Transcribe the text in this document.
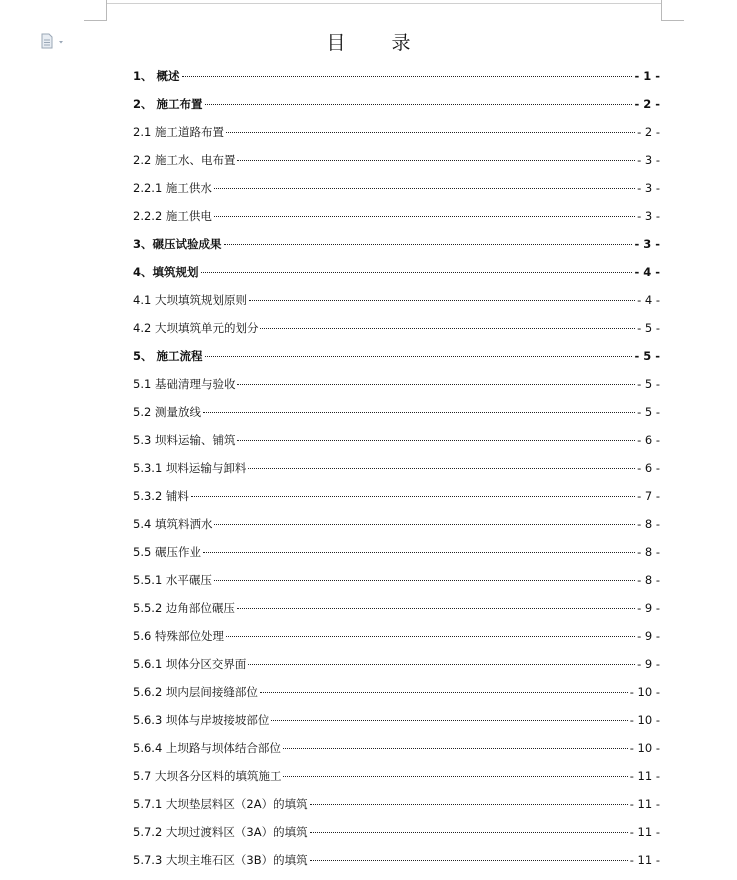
目 录
1、 概述	- 1 -
2、 施工布置	- 2 -
2.1 施工道路布置	- 2 -
2.2 施工水、电布置	- 3 -
2.2.1 施工供水	- 3 -
2.2.2 施工供电	- 3 -
3、碾压试验成果	- 3 -
4、填筑规划	- 4 -
4.1 大坝填筑规划原则	- 4 -
4.2 大坝填筑单元的划分	- 5 -
5、 施工流程	- 5 -
5.1 基础清理与验收	- 5 -
5.2 测量放线	- 5 -
5.3 坝料运输、铺筑	- 6 -
5.3.1 坝料运输与卸料	- 6 -
5.3.2 铺料	- 7 -
5.4 填筑料洒水	- 8 -
5.5 碾压作业	- 8 -
5.5.1 水平碾压	- 8 -
5.5.2 边角部位碾压	- 9 -
5.6 特殊部位处理	- 9 -
5.6.1 坝体分区交界面	- 9 -
5.6.2 坝内层间接缝部位	- 10 -
5.6.3 坝体与岸坡接坡部位	- 10 -
5.6.4 上坝路与坝体结合部位	- 10 -
5.7 大坝各分区料的填筑施工	- 11 -
5.7.1 大坝垫层料区（2A）的填筑	- 11 -
5.7.2 大坝过渡料区（3A）的填筑	- 11 -
5.7.3 大坝主堆石区（3B）的填筑	- 11 -
